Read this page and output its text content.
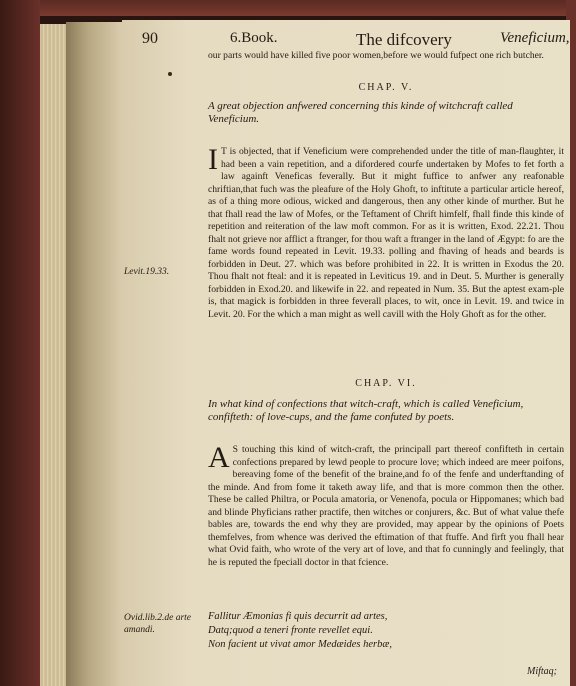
90	6.Book.	The difcovery	Veneficium,
our parts would have killed five poor women,before we would fufpect one rich butcher.
CHAP. V.
A great objection anfwered concerning this kinde of witchcraft called Veneficium.
I T is objected, that if Veneficium were comprehended under the title of man-flaughter, it had been a vain repetition, and a difordered courfe undertaken by Mofes to fet forth a law againft Veneficas feverally. But it might fuffice to anfwer any reafonable chriftian,that fuch was the pleafure of the Holy Ghoft, to inftitute a particular article hereof, as of a thing more odious, wicked and dangerous, then any other kinde of murther. But he that fhall read the law of Mofes, or the Teftament of Chrift himfelf, fhall finde this kinde of repetition and reiteration of the law moft common. For as it is written, Exod. 22.21. Thou fhalt not grieve nor afflict a ftranger, for thou waft a ftranger in the land of Ægypt: fo are the fame words found repeated in Levit. 19.33. polling and fhaving of heads and beards is forbidden in Deut. 27. which was before prohibited in 22. It is written in Exodus the 20. Thou fhalt not fteal: and it is repeated in Leviticus 19. and in Deut. 5. Murther is generally forbidden in Exod.20. and likewife in 22. and repeated in Num. 35. But the aptest exam-ple is, that magick is forbidden in three feverall places, to wit, once in Levit. 19. and twice in Levit. 20. For the which a man might as well cavill with the Holy Ghoft as for the other.
Levit.19.33.
CHAP. VI.
In what kind of confections that witch-craft, which is called Veneficium, confifteth: of love-cups, and the fame confuted by poets.
A S touching this kind of witch-craft, the principall part thereof confifteth in certain confections prepared by lewd people to procure love; which indeed are meer poifons, bereaving fome of the benefit of the braine,and fo of the fenfe and underftanding of the minde. And from fome it taketh away life, and that is more common then the other. These be called Philtra, or Pocula amatoria, or Venenofa, pocula or Hippomanes; which bad and blinde Phyficians rather practife, then witches or conjurers, &c. But of what value thefe bables are, towards the end why they are provided, may appear by the opinions of Poets themfelves, from whence was derived the eftimation of that ftuffe. And firft you fhall hear what Ovid faith, who wrote of the very art of love, and that fo cunningly and feelingly, that he is reputed the fpeciall doctor in that fcience.
Ovid.lib.2.de arte amandi.
Fallitur Æmonias fi quis decurrit ad artes,
Datq;quod a teneri fronte revellet equi.
Non facient ut vivat amor Medæides herbæ,
Miftaq;
